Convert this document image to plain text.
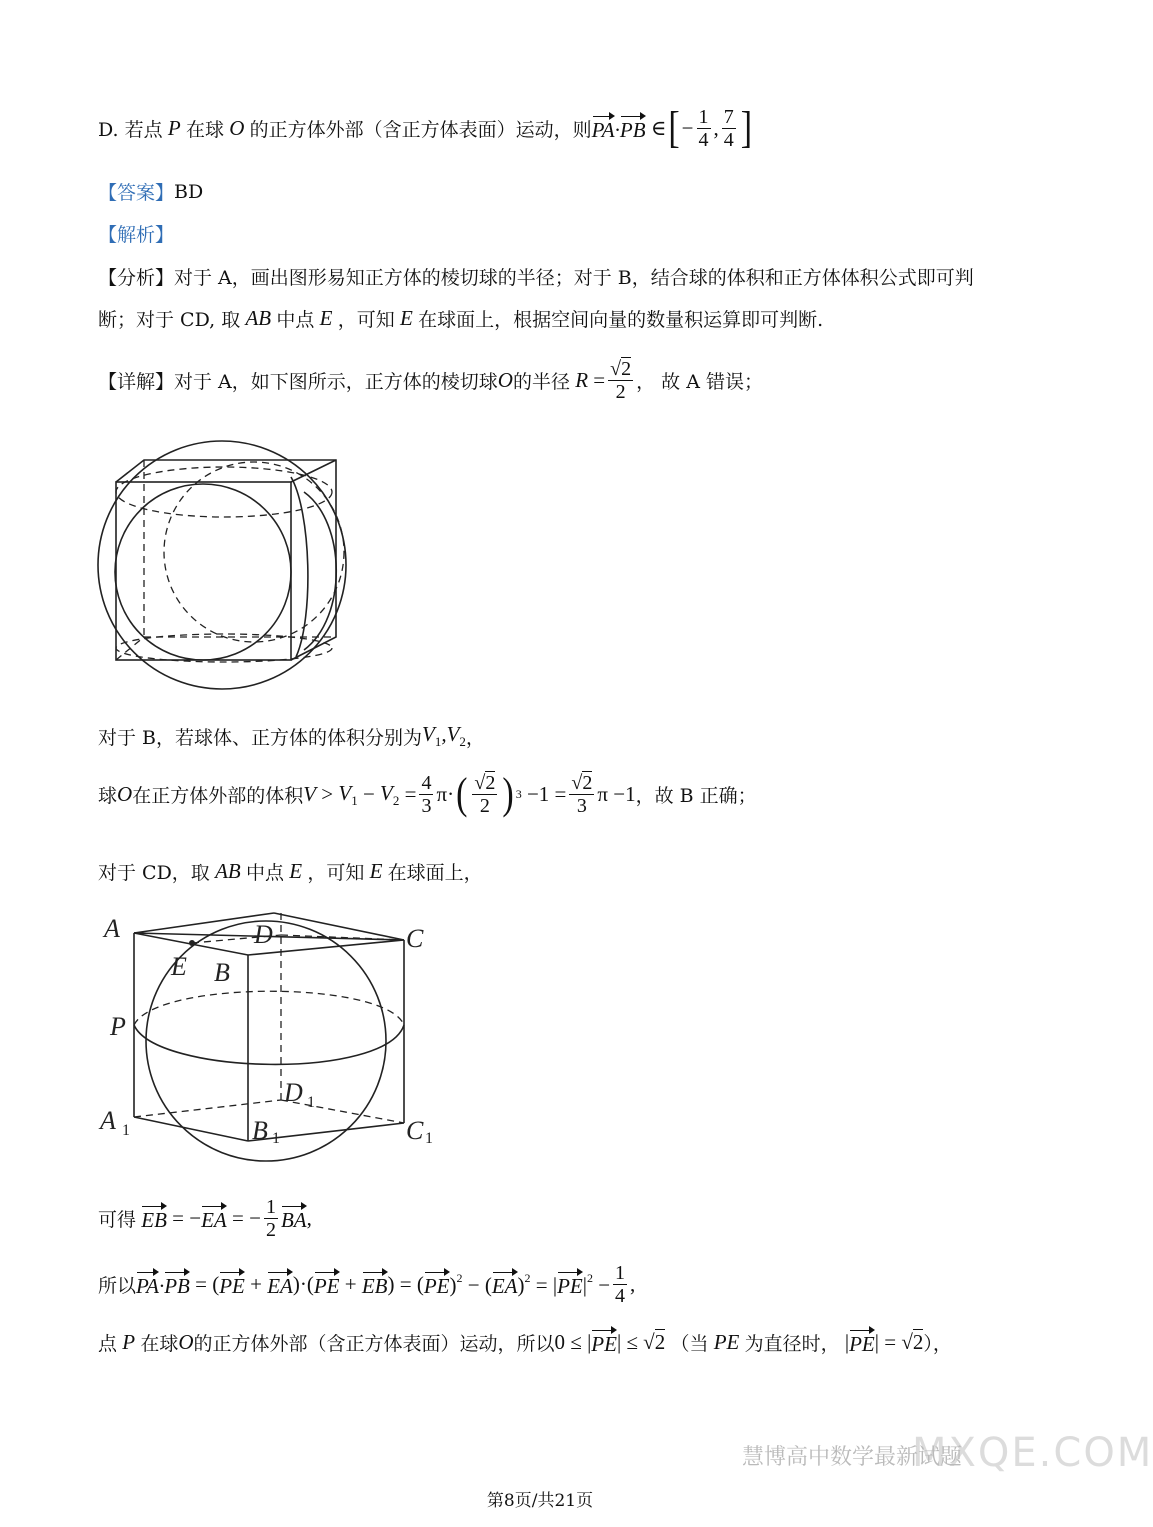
D. 若点 P 在球 O 的正方体外部（含正方体表面）运动，则 PA·PB ∈ [ − $\frac{1}{4}$ , $\frac{7}{4}$ ]
【答案】 BD
【解析】
【分析】对于 A，画出图形易知正方体的棱切球的半径；对于 B，结合球的体积和正方体体积公式即可判
断；对于 CD, 取 AB 中点 E ，可知 E 在球面上，根据空间向量的数量积运算即可判断.
【详解】对于 A，如下图所示，正方体的棱切球 O 的半径 $R = \frac{√2}{2}$ ， 故 A 错误；
对于 B，若球体、正方体的体积分别为 $V_1,V_2$ ，
球 O 在正方体外部的体积 $V > V_1 - V_2 = \frac{4}{3} \pi\cdot$ ( $\frac{√2}{2}$ ) $3 -1 = \frac{√2}{3}$ π −1 ，故 B 正确；
对于 CD，取 AB 中点 E ，可知 E 在球面上，
A	D	C
E B
P
D
A	B	C
1
1	1	1
可得 EB = − EA = − $\frac{1}{2}$ BA ,
所以 PA·PB = ( PE + EA )·( PE + EB ) = ( PE )$^2$ − ( EA )$^2$ = | PE $|^2 - \frac{1}{4}$ ,
点 P 在球 O 的正方体外部（含正方体表面）运动，所以 0 ≤ | PE | ≤ √2 （当 PE 为直径时， | PE | = √2 ），
慧博高中数学最新试题
MXQE.COM
第8页/共21页
